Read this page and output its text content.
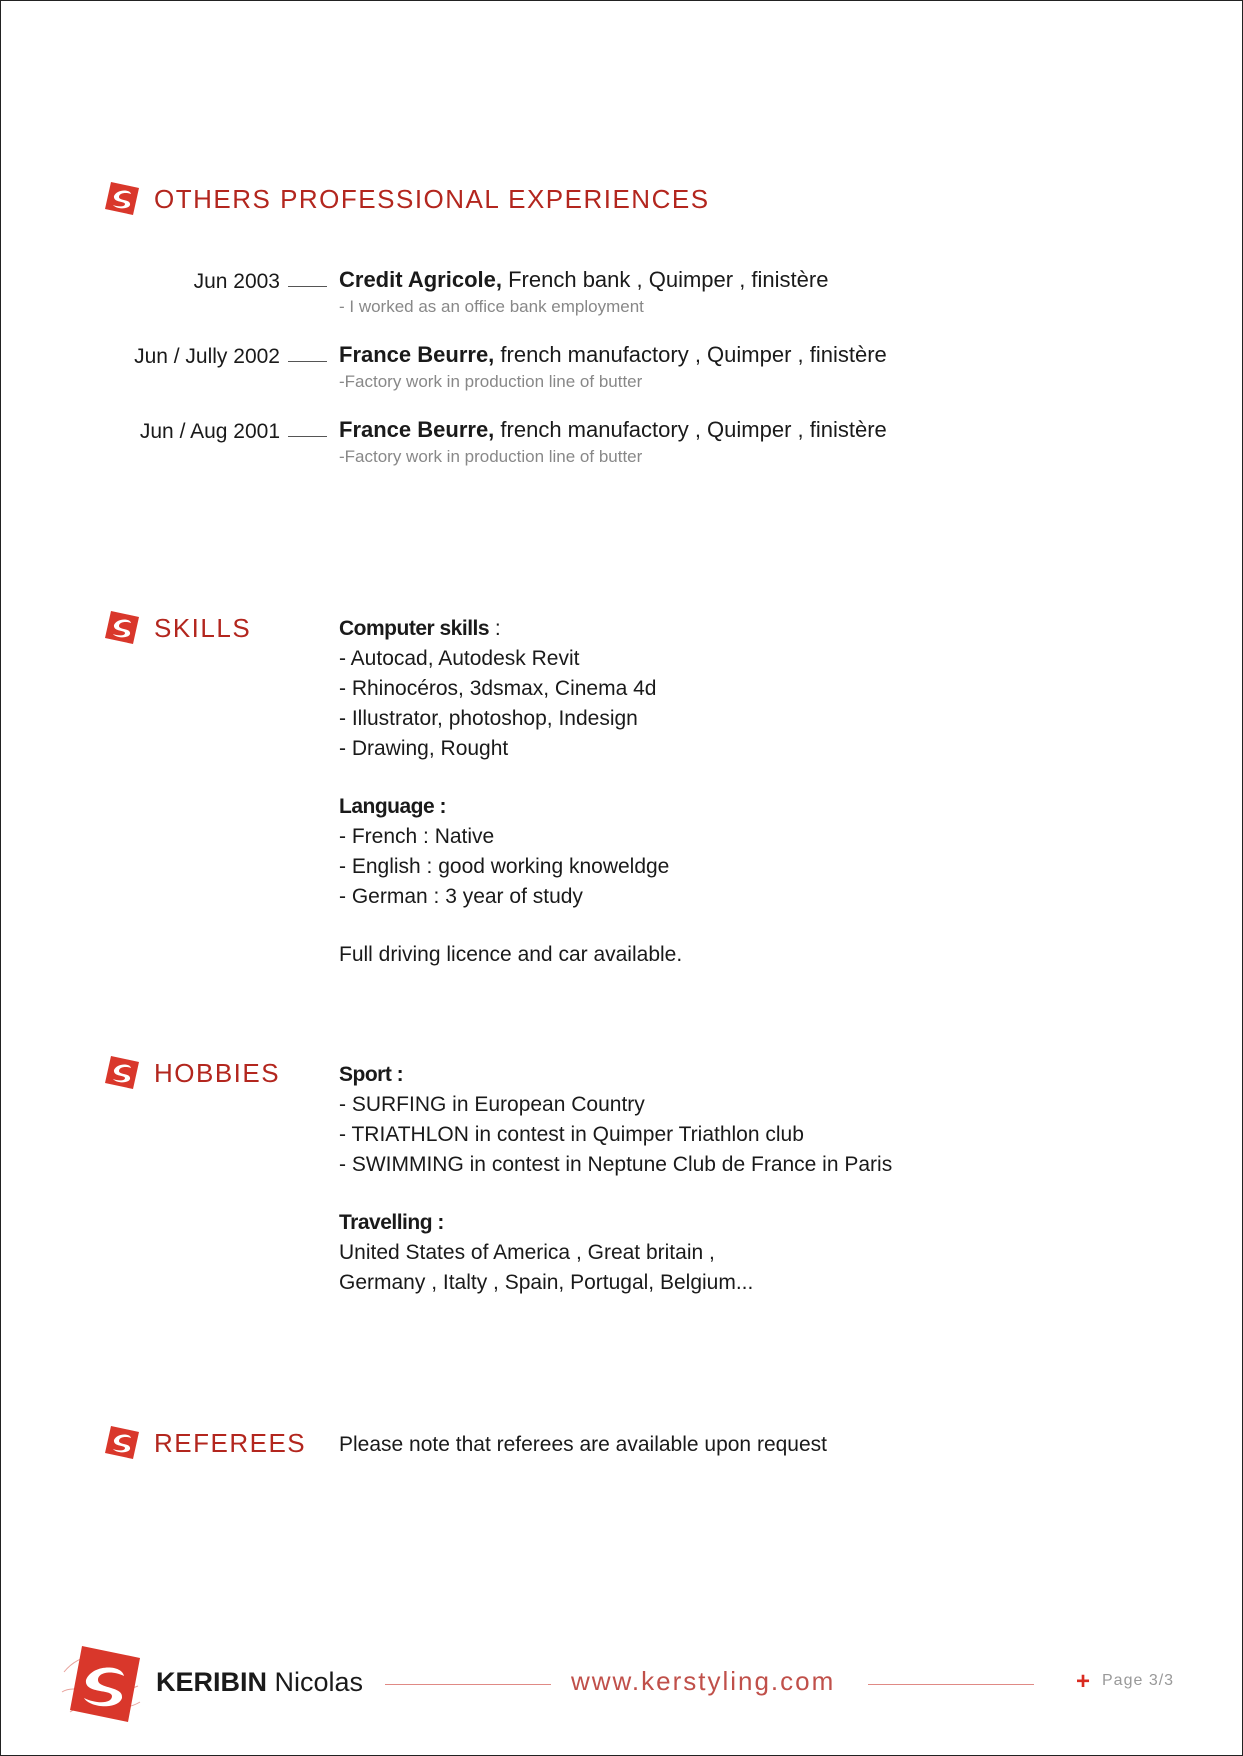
OTHERS PROFESSIONAL EXPERIENCES
Jun 2003	Credit Agricole, French bank , Quimper , finistère
- I worked as an office bank employment
Jun / Jully 2002	France Beurre, french manufactory , Quimper , finistère
-Factory work in production line of butter
Jun / Aug 2001	France Beurre, french manufactory , Quimper , finistère
-Factory work in production line of butter
SKILLS	Computer skills :
- Autocad, Autodesk Revit
- Rhinocéros, 3dsmax, Cinema 4d
- Illustrator, photoshop, Indesign
- Drawing, Rought
Language :
- French : Native
- English : good working knoweldge
- German : 3 year of study
Full driving licence and car available.
HOBBIES	Sport :
- SURFING in European Country
- TRIATHLON in contest in Quimper Triathlon club
- SWIMMING in contest in Neptune Club de France in Paris
Travelling :
United States of America , Great britain ,
Germany , Italty , Spain, Portugal, Belgium...
REFEREES Please note that referees are available upon request
KERIBIN Nicolas	www.kerstyling.com	+ Page 3/3
